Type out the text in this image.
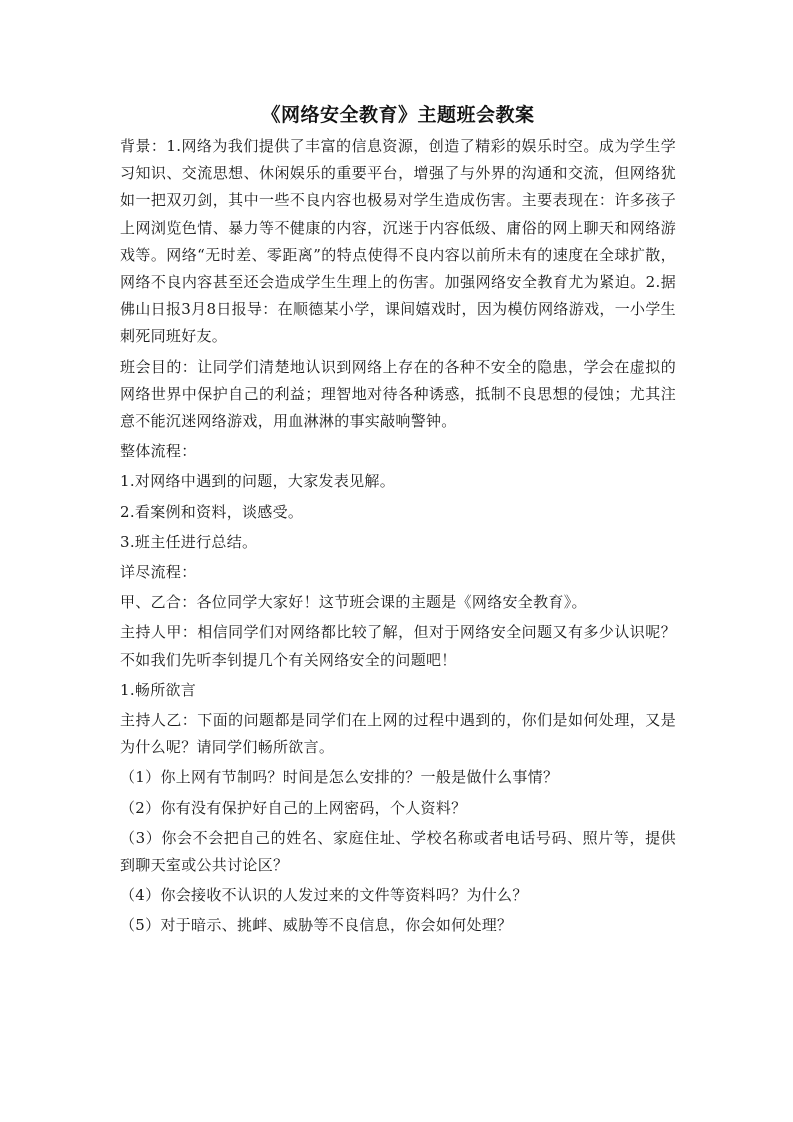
《网络安全教育》主题班会教案

背景：1.网络为我们提供了丰富的信息资源，创造了精彩的娱乐时空。成为学生学习知识、交流思想、休闲娱乐的重要平台，增强了与外界的沟通和交流，但网络犹如一把双刃剑，其中一些不良内容也极易对学生造成伤害。主要表现在：许多孩子上网浏览色情、暴力等不健康的内容，沉迷于内容低级、庸俗的网上聊天和网络游戏等。网络“无时差、零距离”的特点使得不良内容以前所未有的速度在全球扩散，网络不良内容甚至还会造成学生生理上的伤害。加强网络安全教育尤为紧迫。2.据佛山日报3月8日报导：在顺德某小学，课间嬉戏时，因为模仿网络游戏，一小学生刺死同班好友。

班会目的：让同学们清楚地认识到网络上存在的各种不安全的隐患，学会在虚拟的网络世界中保护自己的利益；理智地对待各种诱惑，抵制不良思想的侵蚀；尤其注意不能沉迷网络游戏，用血淋淋的事实敲响警钟。

整体流程：

1.对网络中遇到的问题，大家发表见解。

2.看案例和资料，谈感受。

3.班主任进行总结。

详尽流程：

甲、乙合：各位同学大家好！这节班会课的主题是《网络安全教育》。

主持人甲：相信同学们对网络都比较了解，但对于网络安全问题又有多少认识呢？不如我们先听李钊提几个有关网络安全的问题吧！

1.畅所欲言

主持人乙：下面的问题都是同学们在上网的过程中遇到的，你们是如何处理，又是为什么呢？请同学们畅所欲言。

（1）你上网有节制吗？时间是怎么安排的？一般是做什么事情？

（2）你有没有保护好自己的上网密码，个人资料？

（3）你会不会把自己的姓名、家庭住址、学校名称或者电话号码、照片等，提供到聊天室或公共讨论区？

（4）你会接收不认识的人发过来的文件等资料吗？为什么？

（5）对于暗示、挑衅、威胁等不良信息，你会如何处理？
